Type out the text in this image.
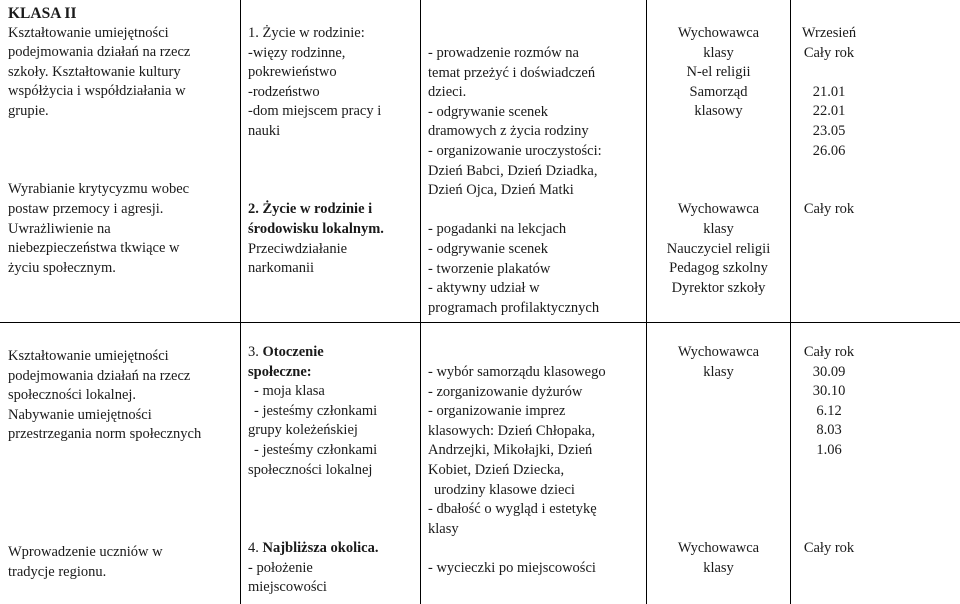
KLASA II
Kształtowanie umiejętności
podejmowania działań na rzecz
szkoły. Kształtowanie kultury
współżycia i współdziałania w
grupie.
Wyrabianie krytycyzmu wobec
postaw przemocy i agresji.
Uwrażliwienie na
niebezpieczeństwa tkwiące w
życiu społecznym.
1. Życie w rodzinie:
-więzy rodzinne,
pokrewieństwo
-rodzeństwo
-dom miejscem pracy i
nauki
2. Życie w rodzinie i
środowisku lokalnym.
Przeciwdziałanie
narkomanii
- prowadzenie rozmów na
temat przeżyć i doświadczeń
dzieci.
- odgrywanie scenek
dramowych z życia rodziny
- organizowanie uroczystości:
Dzień Babci, Dzień Dziadka,
Dzień Ojca, Dzień Matki
- pogadanki na lekcjach
- odgrywanie scenek
- tworzenie plakatów
- aktywny udział w
programach profilaktycznych
Wychowawca
klasy
N-el religii
Samorząd
klasowy
Wychowawca
klasy
Nauczyciel religii
Pedagog szkolny
Dyrektor szkoły
Wrzesień
Cały rok
21.01
22.01
23.05
26.06
Cały rok
Kształtowanie umiejętności
podejmowania działań na rzecz
społeczności lokalnej.
Nabywanie umiejętności
przestrzegania norm społecznych
Wprowadzenie uczniów w
tradycje regionu.
3. Otoczenie
społeczne:
- moja klasa
- jesteśmy członkami
grupy koleżeńskiej
- jesteśmy członkami
społeczności lokalnej
4. Najbliższa okolica.
- położenie
miejscowości
- wybór samorządu klasowego
- zorganizowanie dyżurów
- organizowanie imprez
klasowych: Dzień Chłopaka,
Andrzejki, Mikołajki, Dzień
Kobiet, Dzień Dziecka,
urodziny klasowe dzieci
- dbałość o wygląd i estetykę
klasy
- wycieczki po miejscowości
Wychowawca
klasy
Wychowawca
klasy
Cały rok
30.09
30.10
6.12
8.03
1.06
Cały rok
